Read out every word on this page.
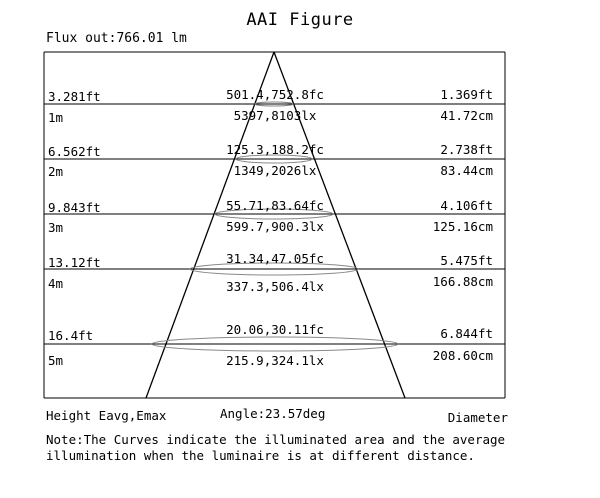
AAI Figure
Flux out:766.01 lm
3.281ft
1m
501.4,752.8fc
5397,8103lx
1.369ft
41.72cm
6.562ft
2m
125.3,188.2fc
1349,2026lx
2.738ft
83.44cm
9.843ft
3m
55.71,83.64fc
599.7,900.3lx
4.106ft
125.16cm
13.12ft
4m
31.34,47.05fc
337.3,506.4lx
5.475ft
166.88cm
16.4ft
5m
20.06,30.11fc
215.9,324.1lx
6.844ft
208.60cm
Height Eavg,Emax	Angle:23.57deg	Diameter
Note:The Curves indicate the illuminated area and the average illumination when the luminaire is at different distance.
